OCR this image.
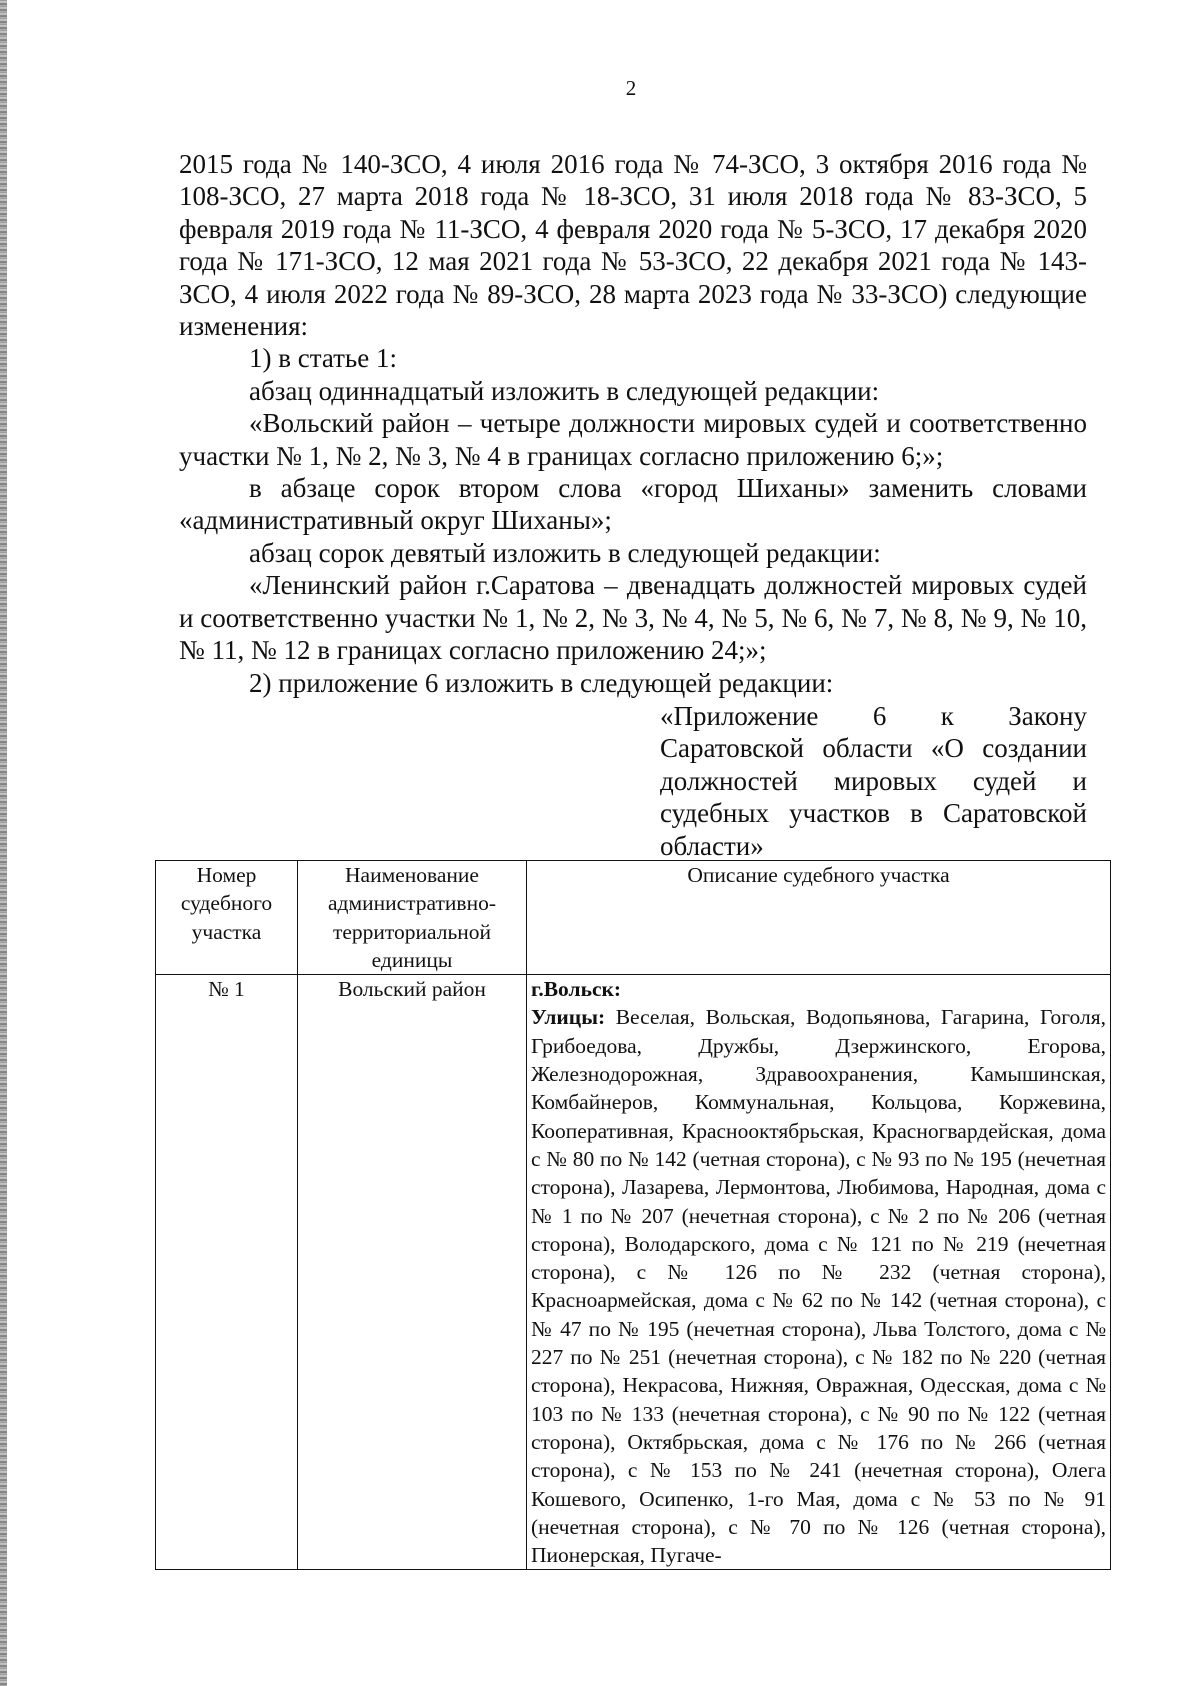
2

2015 года № 140-ЗСО, 4 июля 2016 года № 74-ЗСО, 3 октября 2016 года № 108-ЗСО, 27 марта 2018 года № 18-ЗСО, 31 июля 2018 года № 83-ЗСО, 5 февраля 2019 года № 11-ЗСО, 4 февраля 2020 года № 5-ЗСО, 17 декабря 2020 года № 171-ЗСО, 12 мая 2021 года № 53-ЗСО, 22 декабря 2021 года № 143-ЗСО, 4 июля 2022 года № 89-ЗСО, 28 марта 2023 года № 33-ЗСО) следующие изменения:

1) в статье 1:

абзац одиннадцатый изложить в следующей редакции:

«Вольский район – четыре должности мировых судей и соответственно участки № 1, № 2, № 3, № 4 в границах согласно приложению 6;»;

в абзаце сорок втором слова «город Шиханы» заменить словами «административный округ Шиханы»;

абзац сорок девятый изложить в следующей редакции:

«Ленинский район г.Саратова – двенадцать должностей мировых судей и соответственно участки № 1, № 2, № 3, № 4, № 5, № 6, № 7, № 8, № 9, № 10, № 11, № 12 в границах согласно приложению 24;»;

2) приложение 6 изложить в следующей редакции:

«Приложение 6 к Закону Саратовской области «О создании должностей мировых судей и судебных участков в Саратовской области»
Номер судебного участка	Наименование административно-территориальной единицы	Описание судебного участка
№ 1	Вольский район	г.Вольск:
Улицы: Веселая, Вольская, Водопьянова, Гагарина, Гоголя, Грибоедова, Дружбы, Дзержинского, Егорова, Железнодорожная, Здравоохранения, Камышинская, Комбайнеров, Коммунальная, Кольцова, Коржевина, Кооперативная, Краснооктябрьская, Красногвардейская, дома с № 80 по № 142 (четная сторона), с № 93 по № 195 (нечетная сторона), Лазарева, Лермонтова, Любимова, Народная, дома с № 1 по № 207 (нечетная сторона), с № 2 по № 206 (четная сторона), Володарского, дома с № 121 по № 219 (нечетная сторона), с № 126 по № 232 (четная сторона), Красноармейская, дома с № 62 по № 142 (четная сторона), с № 47 по № 195 (нечетная сторона), Льва Толстого, дома с № 227 по № 251 (нечетная сторона), с № 182 по № 220 (четная сторона), Некрасова, Нижняя, Овражная, Одесская, дома с № 103 по № 133 (нечетная сторона), с № 90 по № 122 (четная сторона), Октябрьская, дома с № 176 по № 266 (четная сторона), с № 153 по № 241 (нечетная сторона), Олега Кошевого, Осипенко, 1-го Мая, дома с № 53 по № 91 (нечетная сторона), с № 70 по № 126 (четная сторона), Пионерская, Пугаче-
